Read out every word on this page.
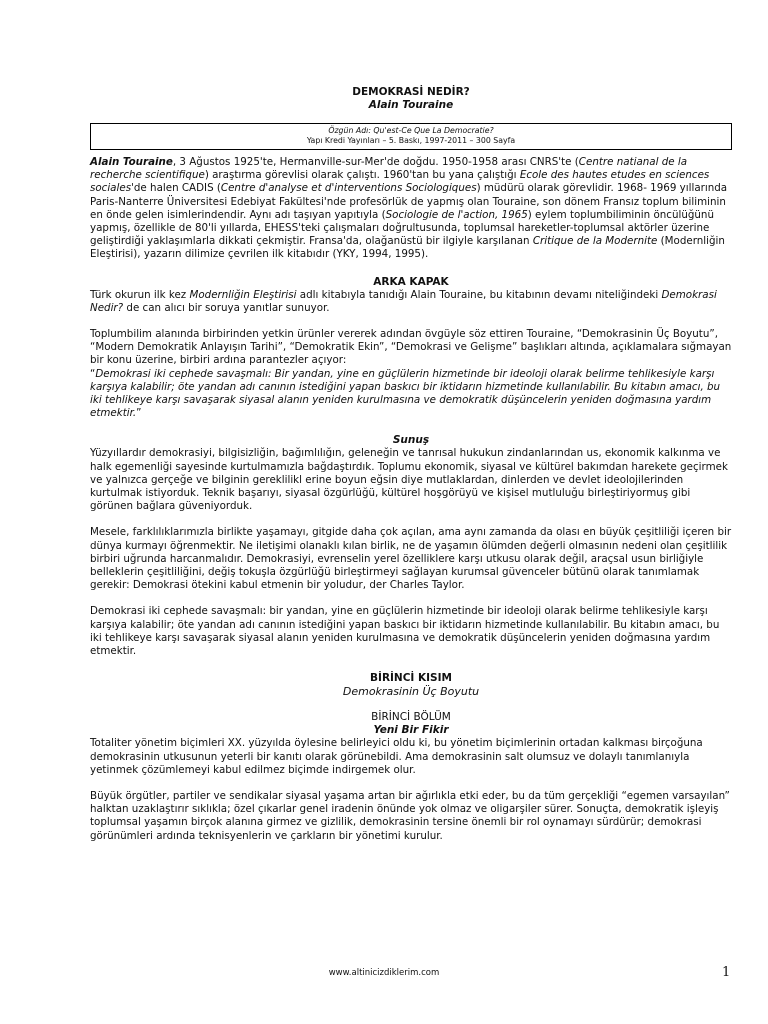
DEMOKRASİ NEDİR?
Alain Touraine
Özgün Adı: Qu'est-Ce Que La Democratie?
Yapı Kredi Yayınları – 5. Baskı, 1997-2011 – 300 Sayfa

Alain Touraine, 3 Ağustos 1925'te, Hermanville-sur-Mer'de doğdu. 1950-1958 arası CNRS'te (Centre natianal de la recherche scientifique) araştırma görevlisi olarak çalıştı. 1960'tan bu yana çalıştığı Ecole des hautes etudes en sciences sociales'de halen CADIS (Centre d'analyse et d'interventions Sociologiques) müdürü olarak görevlidir. 1968- 1969 yıllarında Paris-Nanterre Üniversitesi Edebiyat Fakültesi'nde profesörlük de yapmış olan Touraine, son dönem Fransız toplum biliminin en önde gelen isimlerindendir. Aynı adı taşıyan yapıtıyla (Sociologie de l'action, 1965) eylem toplumbiliminin öncülüğünü yapmış, özellikle de 80'li yıllarda, EHESS'teki çalışmaları doğrultusunda, toplumsal hareketler-toplumsal aktörler üzerine geliştirdiği yaklaşımlarla dikkati çekmiştir. Fransa'da, olağanüstü bir ilgiyle karşılanan Critique de la Modernite (Modernliğin Eleştirisi), yazarın dilimize çevrilen ilk kitabıdır (YKY, 1994, 1995).

ARKA KAPAK

Türk okurun ilk kez Modernliğin Eleştirisi adlı kitabıyla tanıdığı Alain Touraine, bu kitabının devamı niteliğindeki Demokrasi Nedir? de can alıcı bir soruya yanıtlar sunuyor.

Toplumbilim alanında birbirinden yetkin ürünler vererek adından övgüyle söz ettiren Touraine, “Demokrasinin Üç Boyutu”, “Modern Demokratik Anlayışın Tarihi”, “Demokratik Ekin”, “Demokrasi ve Gelişme” başlıkları altında, açıklamalara sığmayan bir konu üzerine, birbiri ardına parantezler açıyor:

“Demokrasi iki cephede savaşmalı: Bir yandan, yine en güçlülerin hizmetinde bir ideoloji olarak belirme tehlikesiyle karşı karşıya kalabilir; öte yandan adı canının istediğini yapan baskıcı bir iktidarın hizmetinde kullanılabilir. Bu kitabın amacı, bu iki tehlikeye karşı savaşarak siyasal alanın yeniden kurulmasına ve demokratik düşüncelerin yeniden doğmasına yardım etmektir.”

Sunuş

Yüzyıllardır demokrasiyi, bilgisizliğin, bağımlılığın, geleneğin ve tanrısal hukukun zindanlarından us, ekonomik kalkınma ve halk egemenliği sayesinde kurtulmamızla bağdaştırdık. Toplumu ekonomik, siyasal ve kültürel bakımdan harekete geçirmek ve yalnızca gerçeğe ve bilginin gereklilikl erine boyun eğsin diye mutlaklardan, dinlerden ve devlet ideolojilerinden kurtulmak istiyorduk. Teknik başarıyı, siyasal özgürlüğü, kültürel hoşgörüyü ve kişisel mutluluğu birleştiriyormuş gibi görünen bağlara güveniyorduk.

Mesele, farklılıklarımızla birlikte yaşamayı, gitgide daha çok açılan, ama aynı zamanda da olası en büyük çeşitliliği içeren bir dünya kurmayı öğrenmektir. Ne iletişimi olanaklı kılan birlik, ne de yaşamın ölümden değerli olmasının nedeni olan çeşitlilik birbiri uğrunda harcanmalıdır. Demokrasiyi, evrenselin yerel özelliklere karşı utkusu olarak değil, araçsal usun birliğiyle belleklerin çeşitliliğini, değiş tokuşla özgürlüğü birleştirmeyi sağlayan kurumsal güvenceler bütünü olarak tanımlamak gerekir: Demokrasi ötekini kabul etmenin bir yoludur, der Charles Taylor.

Demokrasi iki cephede savaşmalı: bir yandan, yine en güçlülerin hizmetinde bir ideoloji olarak belirme tehlikesiyle karşı karşıya kalabilir; öte yandan adı canının istediğini yapan baskıcı bir iktidarın hizmetinde kullanılabilir. Bu kitabın amacı, bu iki tehlikeye karşı savaşarak siyasal alanın yeniden kurulmasına ve demokratik düşüncelerin yeniden doğmasına yardım etmektir.

BİRİNCİ KISIM
Demokrasinin Üç Boyutu
BİRİNCİ BÖLÜM
Yeni Bir Fikir

Totaliter yönetim biçimleri XX. yüzyılda öylesine belirleyici oldu ki, bu yönetim biçimlerinin ortadan kalkması birçoğuna demokrasinin utkusunun yeterli bir kanıtı olarak görünebildi. Ama demokrasinin salt olumsuz ve dolaylı tanımlanıyla yetinmek çözümlemeyi kabul edilmez biçimde indirgemek olur.

Büyük örgütler, partiler ve sendikalar siyasal yaşama artan bir ağırlıkla etki eder, bu da tüm gerçekliği “egemen varsayılan” halktan uzaklaştırır sıklıkla; özel çıkarlar genel iradenin önünde yok olmaz ve oligarşiler sürer. Sonuçta, demokratik işleyiş toplumsal yaşamın birçok alanına girmez ve gizlilik, demokrasinin tersine önemli bir rol oynamayı sürdürür; demokrasi görünümleri ardında teknisyenlerin ve çarkların bir yönetimi kurulur.

www.altinicizdiklerim.com	1
